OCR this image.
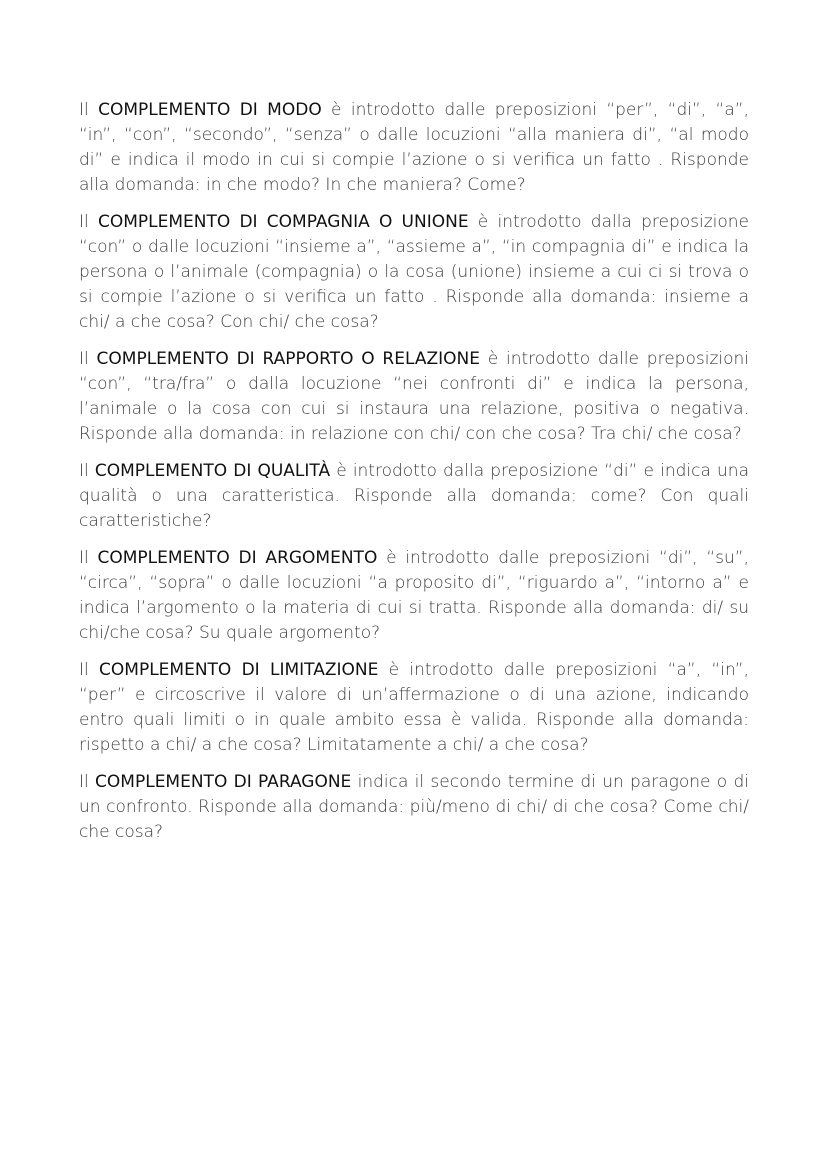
Il COMPLEMENTO DI MODO è introdotto dalle preposizioni “per”, “di”, “a”, “in”, “con”, “secondo”, “senza” o dalle locuzioni “alla maniera di”, “al modo di” e indica il modo in cui si compie l’azione o si verifica un fatto . Risponde alla domanda: in che modo? In che maniera? Come?

Il COMPLEMENTO DI COMPAGNIA O UNIONE è introdotto dalla preposizione “con” o dalle locuzioni “insieme a”, “assieme a”, “in compagnia di” e indica la persona o l’animale (compagnia) o la cosa (unione) insieme a cui ci si trova o si compie l’azione o si verifica un fatto . Risponde alla domanda: insieme a chi/ a che cosa? Con chi/ che cosa?

Il COMPLEMENTO DI RAPPORTO O RELAZIONE è introdotto dalle preposizioni “con”, “tra/fra” o dalla locuzione “nei confronti di” e indica la persona, l’animale o la cosa con cui si instaura una relazione, positiva o negativa. Risponde alla domanda: in relazione con chi/ con che cosa? Tra chi/ che cosa?

Il COMPLEMENTO DI QUALITÀ è introdotto dalla preposizione “di” e indica una qualità o una caratteristica. Risponde alla domanda: come? Con quali caratteristiche?

Il COMPLEMENTO DI ARGOMENTO è introdotto dalle preposizioni “di”, “su”, “circa”, “sopra” o dalle locuzioni “a proposito di”, “riguardo a”, “intorno a” e indica l’argomento o la materia di cui si tratta. Risponde alla domanda: di/ su chi/che cosa? Su quale argomento?

Il COMPLEMENTO DI LIMITAZIONE è introdotto dalle preposizioni “a”, “in”, “per” e circoscrive il valore di un’affermazione o di una azione, indicando entro quali limiti o in quale ambito essa è valida. Risponde alla domanda: rispetto a chi/ a che cosa? Limitatamente a chi/ a che cosa?

Il COMPLEMENTO DI PARAGONE indica il secondo termine di un paragone o di un confronto. Risponde alla domanda: più/meno di chi/ di che cosa? Come chi/ che cosa?
